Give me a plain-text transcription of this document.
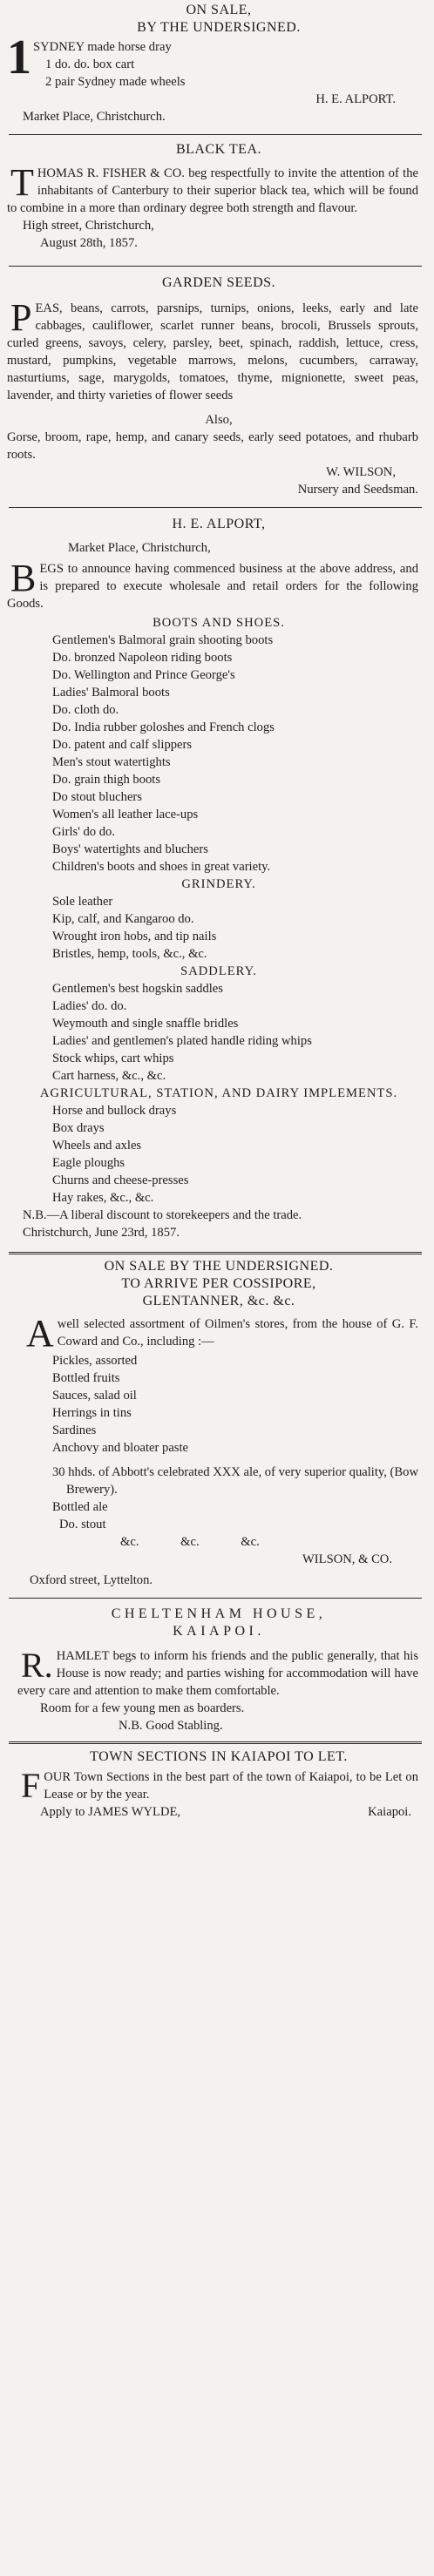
ON SALE,

BY THE UNDERSIGNED.

1 SYDNEY made horse dray

1 do. do. box cart

2 pair Sydney made wheels

H. E. ALPORT.

Market Place, Christchurch.

BLACK TEA.

T HOMAS R. FISHER & CO. beg respectfully to invite the attention of the inhabitants of Canterbury to their superior black tea, which will be found to combine in a more than ordinary degree both strength and flavour.

High street, Christchurch,

August 28th, 1857.

GARDEN SEEDS.

P EAS, beans, carrots, parsnips, turnips, onions, leeks, early and late cabbages, cauliflower, scarlet runner beans, brocoli, Brussels sprouts, curled greens, savoys, celery, parsley, beet, spinach, raddish, lettuce, cress, mustard, pumpkins, vegetable marrows, melons, cucumbers, carraway, nasturtiums, sage, marygolds, tomatoes, thyme, mignionette, sweet peas, lavender, and thirty varieties of flower seeds

Also,

Gorse, broom, rape, hemp, and canary seeds, early seed potatoes, and rhubarb roots.

W. WILSON,

Nursery and Seedsman.

H. E. ALPORT,

Market Place, Christchurch,

B EGS to announce having commenced business at the above address, and is prepared to execute wholesale and retail orders for the following Goods.

BOOTS AND SHOES.

Gentlemen's Balmoral grain shooting boots

Do. bronzed Napoleon riding boots

Do. Wellington and Prince George's

Ladies' Balmoral boots

Do. cloth do.

Do. India rubber goloshes and French clogs

Do. patent and calf slippers

Men's stout watertights

Do. grain thigh boots

Do stout bluchers

Women's all leather lace-ups

Girls' do do.

Boys' watertights and bluchers

Children's boots and shoes in great variety.

GRINDERY.

Sole leather

Kip, calf, and Kangaroo do.

Wrought iron hobs, and tip nails

Bristles, hemp, tools, &c., &c.

SADDLERY.

Gentlemen's best hogskin saddles

Ladies' do. do.

Weymouth and single snaffle bridles

Ladies' and gentlemen's plated handle riding whips

Stock whips, cart whips

Cart harness, &c., &c.

AGRICULTURAL, STATION, AND DAIRY IMPLEMENTS.

Horse and bullock drays

Box drays

Wheels and axles

Eagle ploughs

Churns and cheese-presses

Hay rakes, &c., &c.

N.B.—A liberal discount to storekeepers and the trade.

Christchurch, June 23rd, 1857.

ON SALE BY THE UNDERSIGNED.

TO ARRIVE PER COSSIPORE,

GLENTANNER, &c. &c.

A well selected assortment of Oilmen's stores, from the house of G. F. Coward and Co., including :—

Pickles, assorted

Bottled fruits

Sauces, salad oil

Herrings in tins

Sardines

Anchovy and bloater paste

30 hhds. of Abbott's celebrated XXX ale, of very superior quality, (Bow Brewery).

Bottled ale

Do. stout

&c. &c. &c.

WILSON, & CO.

Oxford street, Lyttelton.

CHELTENHAM HOUSE,

KAIAPOI.

R. HAMLET begs to inform his friends and the public generally, that his House is now ready; and parties wishing for accommodation will have every care and attention to make them comfortable.

Room for a few young men as boarders.

N.B. Good Stabling.

TOWN SECTIONS IN KAIAPOI TO LET.

F OUR Town Sections in the best part of the town of Kaiapoi, to be Let on Lease or by the year.

Apply to JAMES WYLDE,	Kaiapoi.
